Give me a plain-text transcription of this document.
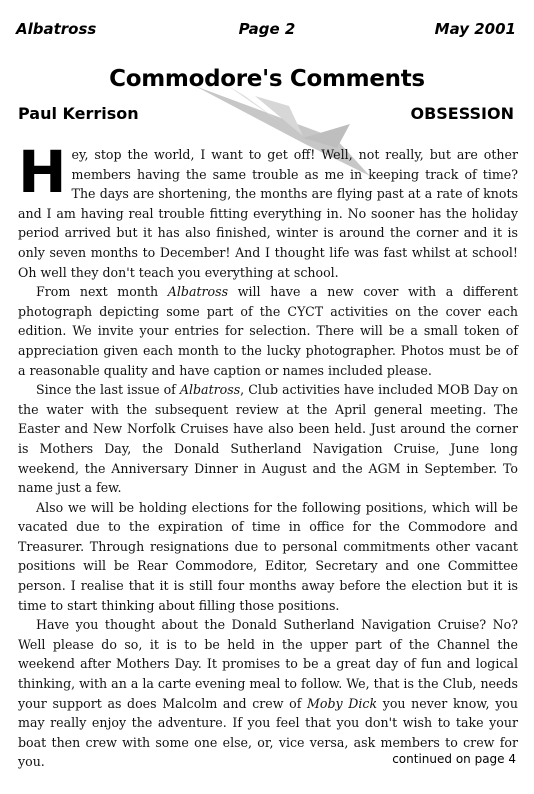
Albatross	Page 2	May 2001
Commodore's Comments
Paul Kerrison	OBSESSION

Hey, stop the world, I want to get off! Well, not really, but are other members having the same trouble as me in keeping track of time? The days are shortening, the months are flying past at a rate of knots and I am having real trouble fitting everything in. No sooner has the holiday period arrived but it has also finished, winter is around the corner and it is only seven months to December! And I thought life was fast whilst at school! Oh well they don't teach you everything at school.

From next month Albatross will have a new cover with a different photograph depicting some part of the CYCT activities on the cover each edition. We invite your entries for selection. There will be a small token of appreciation given each month to the lucky photographer. Photos must be of a reasonable quality and have caption or names included please.

Since the last issue of Albatross, Club activities have included MOB Day on the water with the subsequent review at the April general meeting. The Easter and New Norfolk Cruises have also been held. Just around the corner is Mothers Day, the Donald Sutherland Navigation Cruise, June long weekend, the Anniversary Dinner in August and the AGM in September. To name just a few.

Also we will be holding elections for the following positions, which will be vacated due to the expiration of time in office for the Commodore and Treasurer. Through resignations due to personal commitments other vacant positions will be Rear Commodore, Editor, Secretary and one Committee person. I realise that it is still four months away before the election but it is time to start thinking about filling those positions.

Have you thought about the Donald Sutherland Navigation Cruise? No? Well please do so, it is to be held in the upper part of the Channel the weekend after Mothers Day. It promises to be a great day of fun and logical thinking, with an a la carte evening meal to follow. We, that is the Club, needs your support as does Malcolm and crew of Moby Dick you never know, you may really enjoy the adventure. If you feel that you don't wish to take your boat then crew with some one else, or, vice versa, ask members to crew for you.	continued on page 4
